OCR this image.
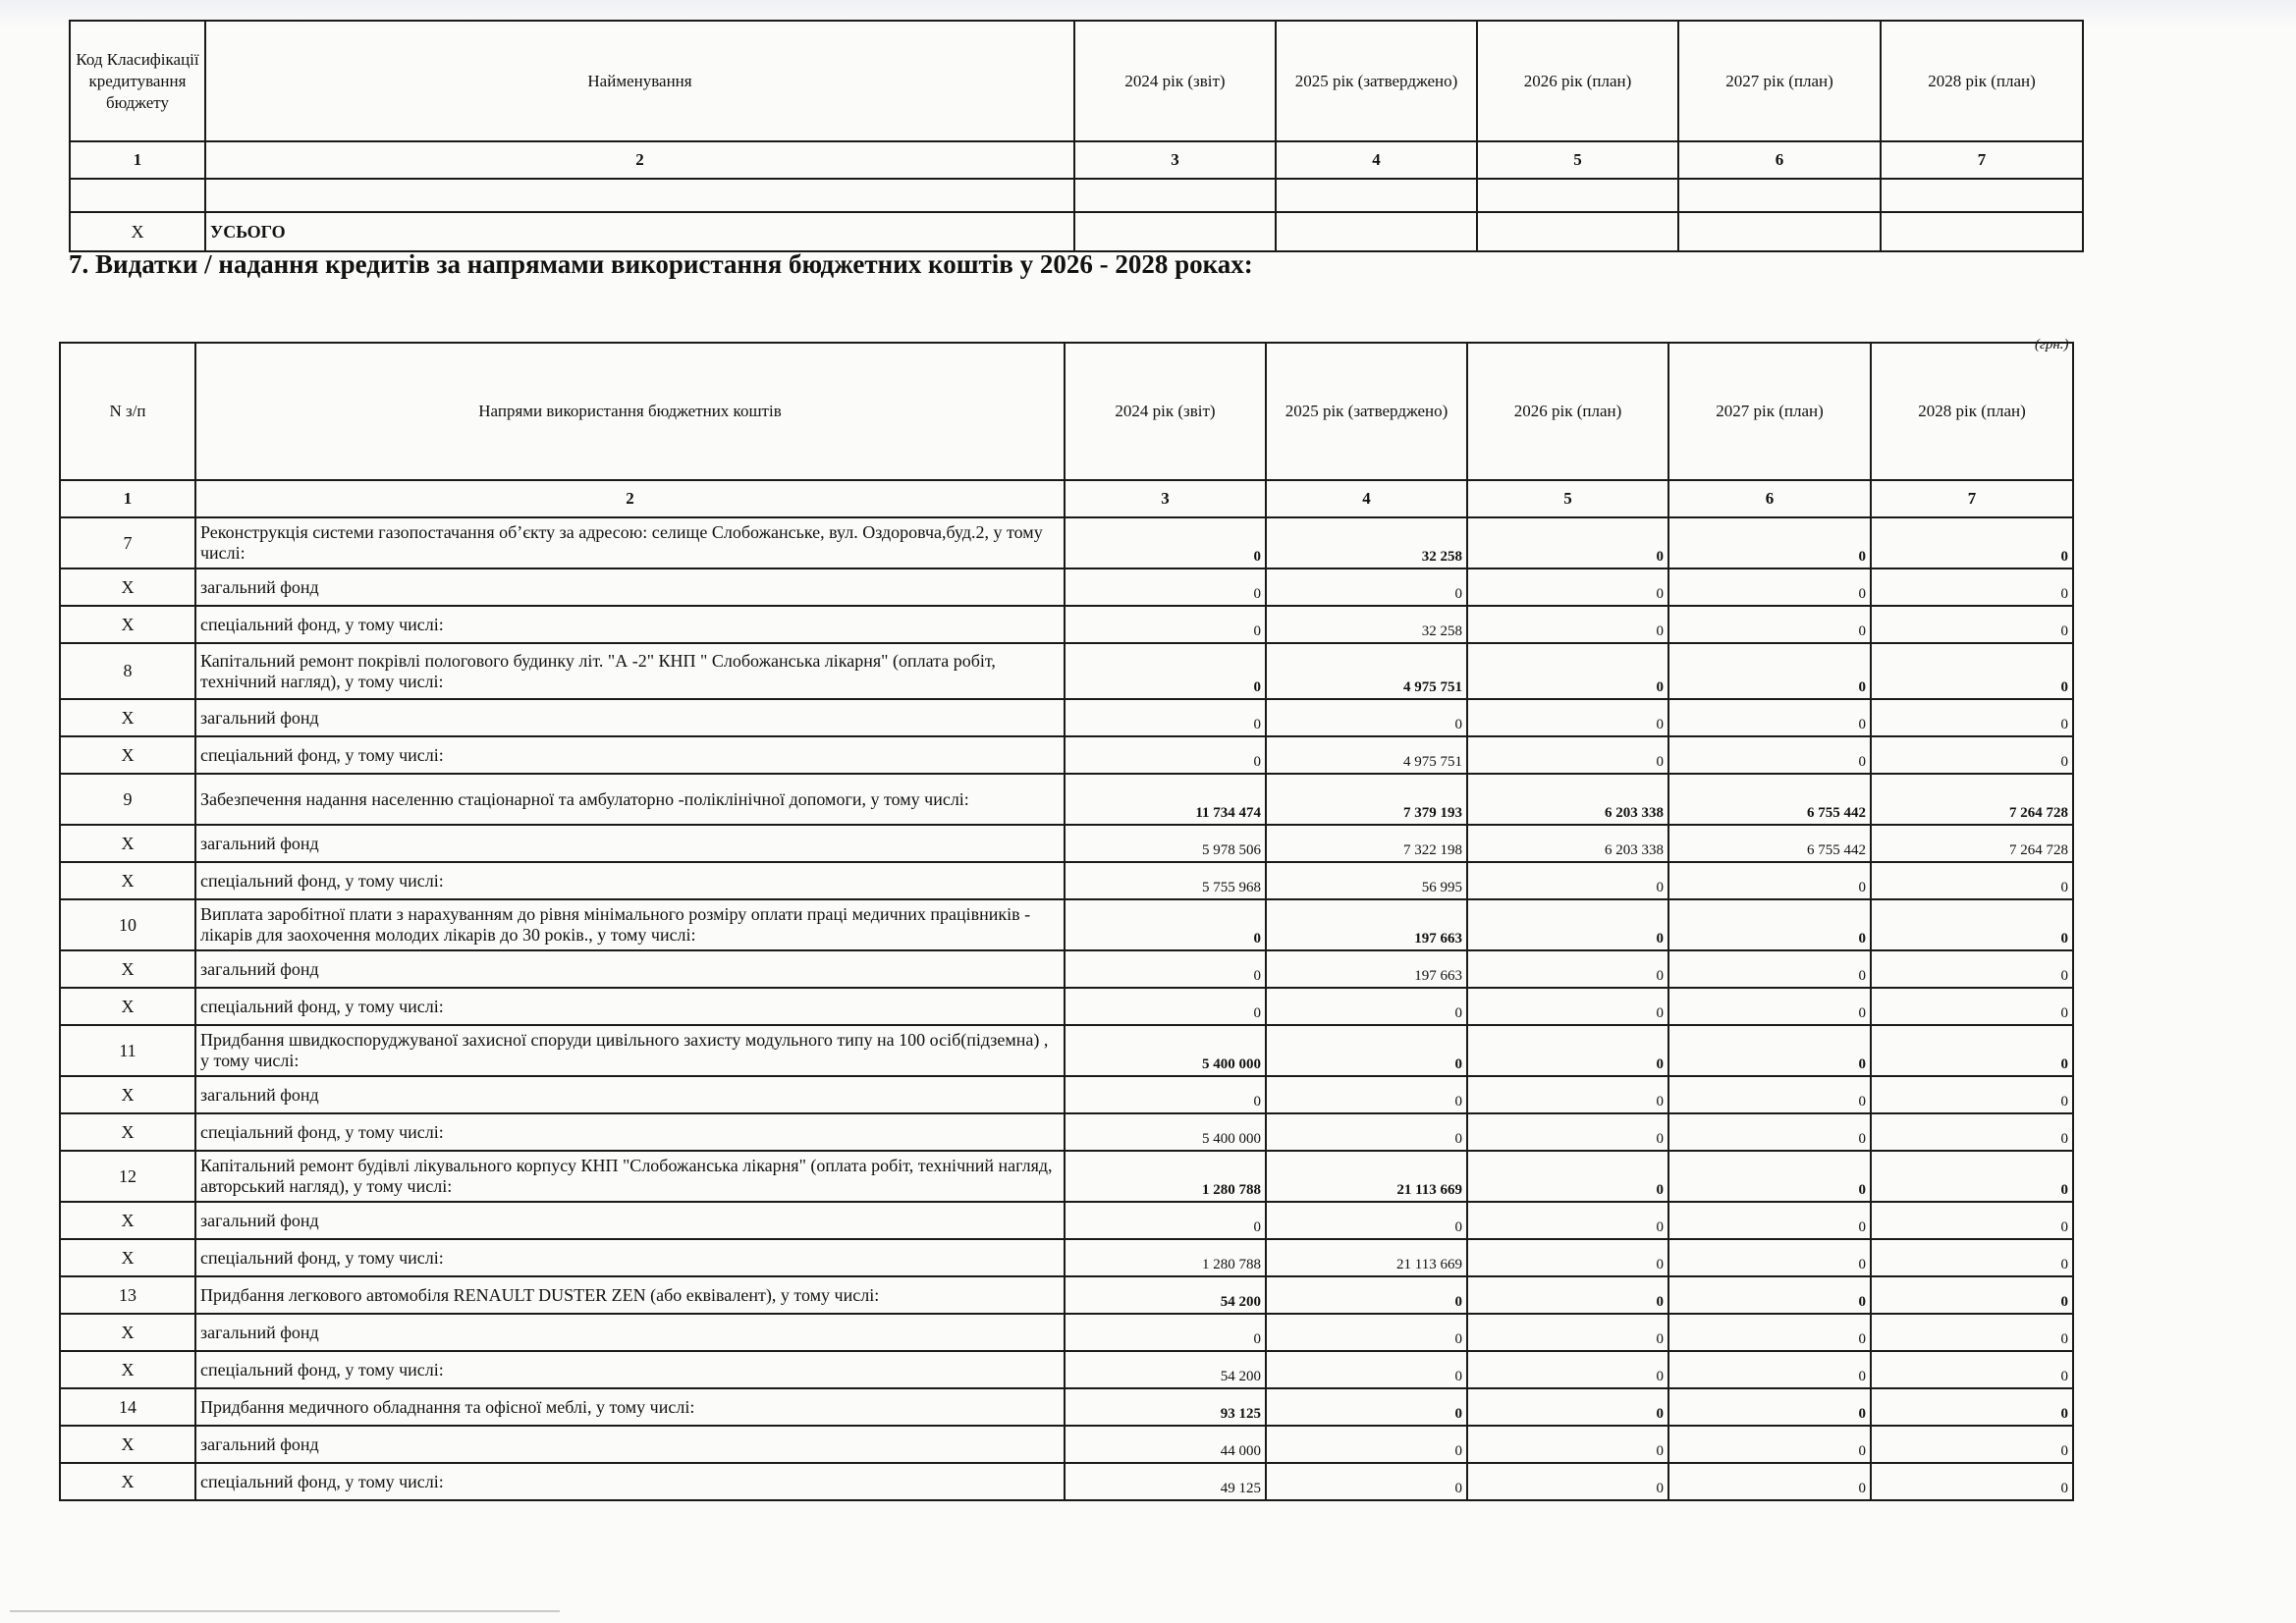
Код Класифікації кредитування бюджету	Найменування	2024 рік (звіт)	2025 рік (затверджено)	2026 рік (план)	2027 рік (план)	2028 рік (план)
1	2	3	4	5	6	7

Х	УСЬОГО					
7. Видатки / надання кредитів за напрямами використання бюджетних коштів у 2026 - 2028 роках:
(грн.)
N з/п	Напрями використання бюджетних коштів	2024 рік (звіт)	2025 рік (затверджено)	2026 рік (план)	2027 рік (план)	2028 рік (план)
1	2	3	4	5	6	7
7	Реконструкція системи газопостачання об’єкту за адресою: селище Слобожанське, вул. Оздоровча,буд.2, у тому числі:	0	32 258	0	0	0
Х	загальний фонд	0	0	0	0	0
Х	спеціальний фонд, у тому числі:	0	32 258	0	0	0
8	Капітальний ремонт покрівлі пологового будинку літ. "А -2" КНП " Слобожанська лікарня" (оплата робіт, технічний нагляд), у тому числі:	0	4 975 751	0	0	0
Х	загальний фонд	0	0	0	0	0
Х	спеціальний фонд, у тому числі:	0	4 975 751	0	0	0
9	Забезпечення надання населенню стаціонарної та амбулаторно -поліклінічної допомоги, у тому числі:	11 734 474	7 379 193	6 203 338	6 755 442	7 264 728
Х	загальний фонд	5 978 506	7 322 198	6 203 338	6 755 442	7 264 728
Х	спеціальний фонд, у тому числі:	5 755 968	56 995	0	0	0
10	Виплата заробітної плати з нарахуванням до рівня мінімального розміру оплати праці медичних працівників - лікарів для заохочення молодих лікарів до 30 років., у тому числі:	0	197 663	0	0	0
Х	загальний фонд	0	197 663	0	0	0
Х	спеціальний фонд, у тому числі:	0	0	0	0	0
11	Придбання швидкоспоруджуваної захисної споруди цивільного захисту модульного типу на 100 осіб(підземна) , у тому числі:	5 400 000	0	0	0	0
Х	загальний фонд	0	0	0	0	0
Х	спеціальний фонд, у тому числі:	5 400 000	0	0	0	0
12	Капітальний ремонт будівлі лікувального корпусу КНП "Слобожанська лікарня" (оплата робіт, технічний нагляд, авторський нагляд), у тому числі:	1 280 788	21 113 669	0	0	0
Х	загальний фонд	0	0	0	0	0
Х	спеціальний фонд, у тому числі:	1 280 788	21 113 669	0	0	0
13	Придбання легкового автомобіля RENAULT DUSTER ZEN (або еквівалент), у тому числі:	54 200	0	0	0	0
Х	загальний фонд	0	0	0	0	0
Х	спеціальний фонд, у тому числі:	54 200	0	0	0	0
14	Придбання медичного обладнання та офісної меблі, у тому числі:	93 125	0	0	0	0
Х	загальний фонд	44 000	0	0	0	0
Х	спеціальний фонд, у тому числі:	49 125	0	0	0	0
